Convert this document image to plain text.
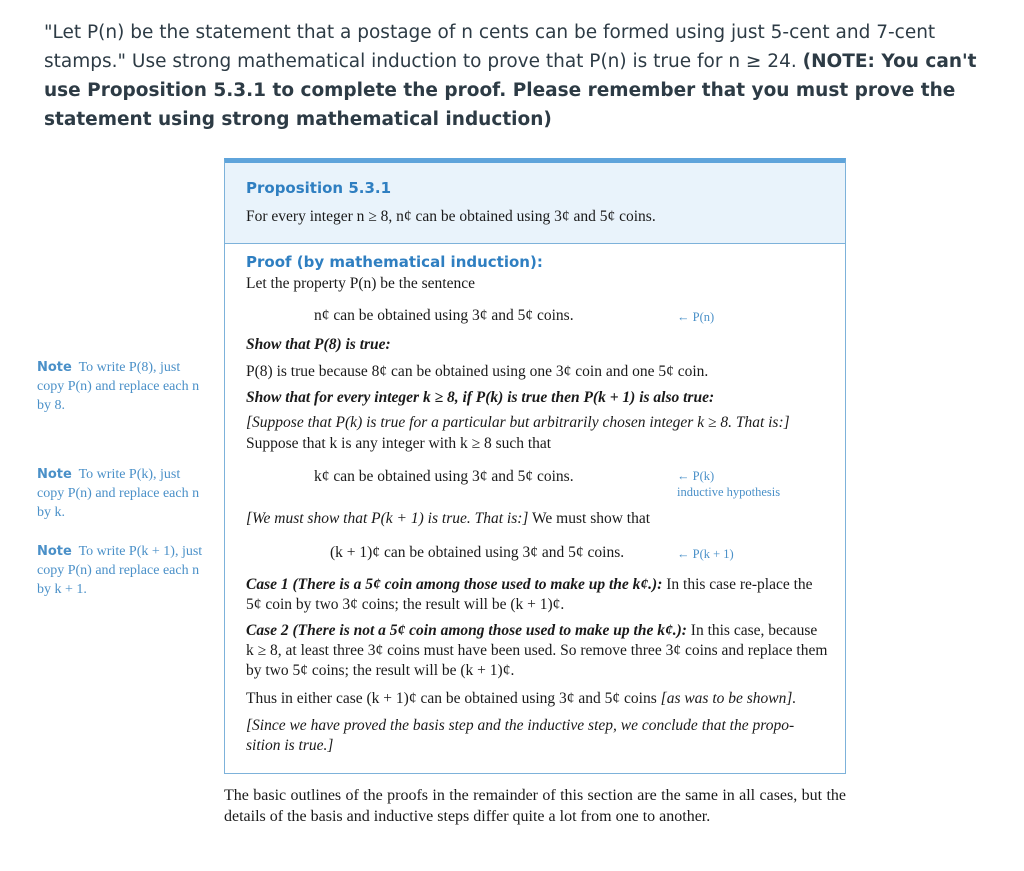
"Let P(n) be the statement that a postage of n cents can be formed using just 5-cent and 7-cent stamps." Use strong mathematical induction to prove that P(n) is true for n ≥ 24. (NOTE: You can't use Proposition 5.3.1 to complete the proof. Please remember that you must prove the statement using strong mathematical induction)
Note To write P(8), just copy P(n) and replace each n by 8.
Note To write P(k), just copy P(n) and replace each n by k.
Note To write P(k + 1), just copy P(n) and replace each n by k + 1.
Proposition 5.3.1
For every integer n ≥ 8, n¢ can be obtained using 3¢ and 5¢ coins.
Proof (by mathematical induction):
Let the property P(n) be the sentence
n¢ can be obtained using 3¢ and 5¢ coins.	← P(n)
Show that P(8) is true:
P(8) is true because 8¢ can be obtained using one 3¢ coin and one 5¢ coin.
Show that for every integer k ≥ 8, if P(k) is true then P(k + 1) is also true:
[Suppose that P(k) is true for a particular but arbitrarily chosen integer k ≥ 8. That is:]
Suppose that k is any integer with k ≥ 8 such that
k¢ can be obtained using 3¢ and 5¢ coins.	← P(k)
inductive hypothesis
[We must show that P(k + 1) is true. That is:] We must show that
(k + 1)¢ can be obtained using 3¢ and 5¢ coins.	← P(k + 1)
Case 1 (There is a 5¢ coin among those used to make up the k¢.): In this case re-place the 5¢ coin by two 3¢ coins; the result will be (k + 1)¢.
Case 2 (There is not a 5¢ coin among those used to make up the k¢.): In this case, because k ≥ 8, at least three 3¢ coins must have been used. So remove three 3¢ coins and replace them by two 5¢ coins; the result will be (k + 1)¢.
Thus in either case (k + 1)¢ can be obtained using 3¢ and 5¢ coins [as was to be shown].
[Since we have proved the basis step and the inductive step, we conclude that the propo-sition is true.]
The basic outlines of the proofs in the remainder of this section are the same in all cases, but the details of the basis and inductive steps differ quite a lot from one to another.
